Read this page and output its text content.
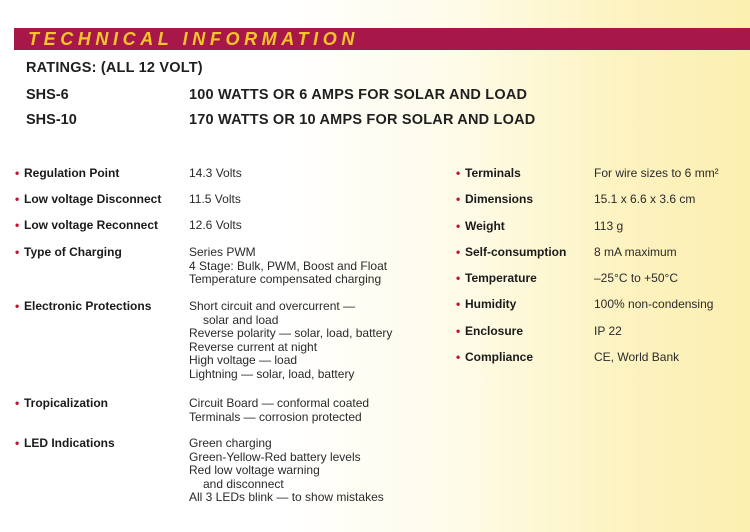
TECHNICAL INFORMATION
RATINGS: (ALL 12 VOLT)
SHS-6	100 WATTS OR 6 AMPS FOR SOLAR AND LOAD
SHS-10	170 WATTS OR 10 AMPS FOR SOLAR AND LOAD
• Regulation Point	14.3 Volts
• Low voltage Disconnect 11.5 Volts
• Low voltage Reconnect	12.6 Volts
• Type of Charging	Series PWM
4 Stage: Bulk, PWM, Boost and Float
Temperature compensated charging
• Electronic Protections	Short circuit and overcurrent —
solar and load
Reverse polarity — solar, load, battery
Reverse current at night
High voltage — load
Lightning — solar, load, battery
• Tropicalization	Circuit Board — conformal coated
Terminals — corrosion protected
• LED Indications	Green charging
Green-Yellow-Red battery levels
Red low voltage warning
and disconnect
All 3 LEDs blink — to show mistakes
• Terminals	For wire sizes to 6 mm²
• Dimensions	15.1 x 6.6 x 3.6 cm
• Weight	113 g
• Self-consumption 8 mA maximum
• Temperature	–25°C to +50°C
• Humidity	100% non-condensing
• Enclosure	IP 22
• Compliance	CE, World Bank
